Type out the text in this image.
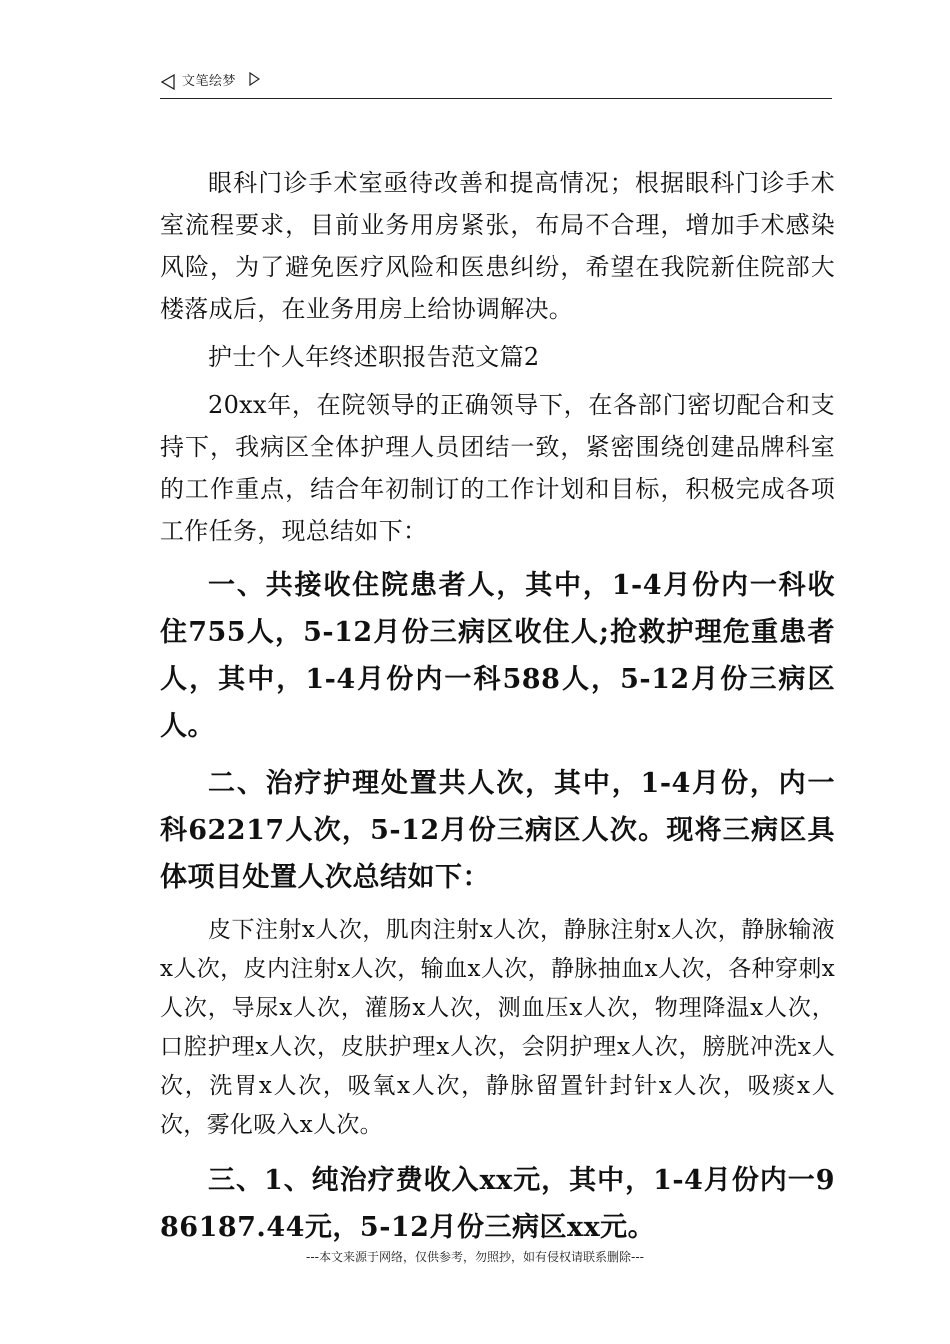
文笔绘梦

眼科门诊手术室亟待改善和提高情况；根据眼科门诊手术室流程要求，目前业务用房紧张，布局不合理，增加手术感染风险，为了避免医疗风险和医患纠纷，希望在我院新住院部大楼落成后，在业务用房上给协调解决。

护士个人年终述职报告范文篇2

20xx年，在院领导的正确领导下，在各部门密切配合和支持下，我病区全体护理人员团结一致，紧密围绕创建品牌科室的工作重点，结合年初制订的工作计划和目标，积极完成各项工作任务，现总结如下：

一、共接收住院患者人，其中，1-4月份内一科收住755人，5-12月份三病区收住人;抢救护理危重患者人，其中，1-4月份内一科588人，5-12月份三病区人。

二、治疗护理处置共人次，其中，1-4月份，内一科62217人次，5-12月份三病区人次。现将三病区具体项目处置人次总结如下：

皮下注射x人次，肌肉注射x人次，静脉注射x人次，静脉输液x人次，皮内注射x人次，输血x人次，静脉抽血x人次，各种穿刺x人次，导尿x人次，灌肠x人次，测血压x人次，物理降温x人次，口腔护理x人次，皮肤护理x人次，会阴护理x人次，膀胱冲洗x人次，洗胃x人次，吸氧x人次，静脉留置针封针x人次，吸痰x人次，雾化吸入x人次。

三、1、纯治疗费收入xx元，其中，1-4月份内一986187.44元，5-12月份三病区xx元。

---本文来源于网络，仅供参考，勿照抄，如有侵权请联系删除---
